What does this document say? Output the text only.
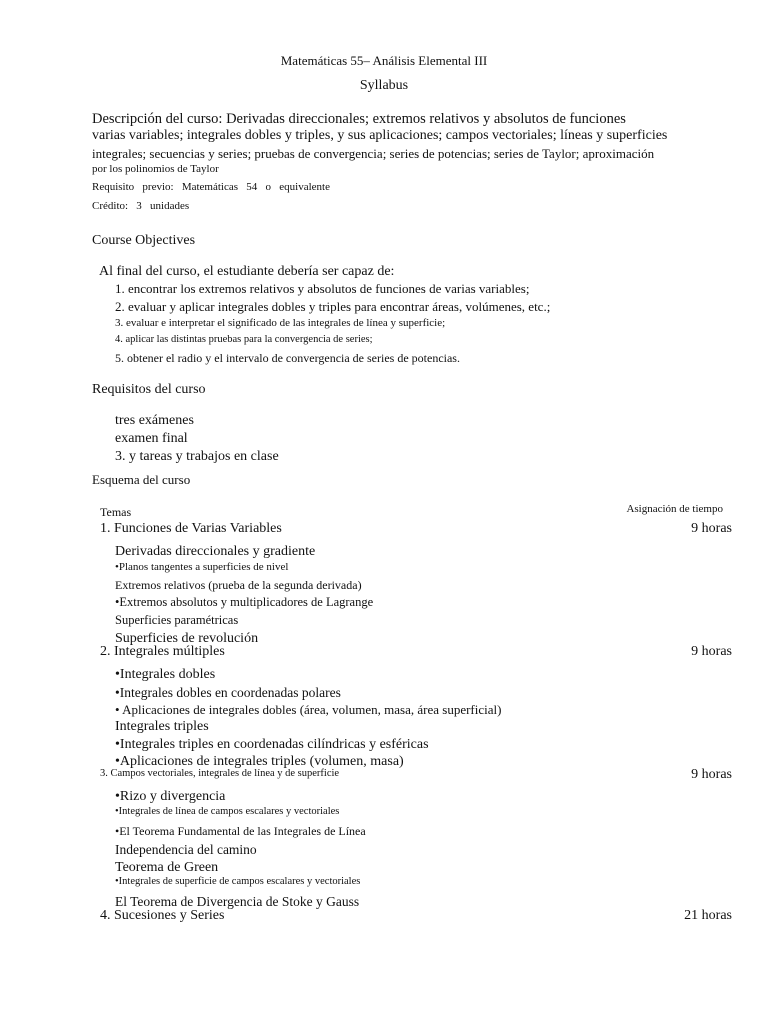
Matemáticas 55– Análisis Elemental III
Syllabus
Descripción del curso: Derivadas direccionales; extremos relativos y absolutos de funciones
varias variables; integrales dobles y triples, y sus aplicaciones; campos vectoriales; líneas y superficies
integrales; secuencias y series; pruebas de convergencia; series de potencias; series de Taylor; aproximación
por los polinomios de Taylor
Requisito   previo:   Matemáticas   54   o   equivalente
Crédito:   3   unidades
Course Objectives
Al final del curso, el estudiante debería ser capaz de:
1. encontrar los extremos relativos y absolutos de funciones de varias variables;
2. evaluar y aplicar integrales dobles y triples para encontrar áreas, volúmenes, etc.;
3. evaluar e interpretar el significado de las integrales de línea y superficie;
4. aplicar las distintas pruebas para la convergencia de series;
5. obtener el radio y el intervalo de convergencia de series de potencias.
Requisitos del curso
tres exámenes
examen final
3. y tareas y trabajos en clase
Esquema del curso
Temas	Asignación de tiempo
1. Funciones de Varias Variables	9 horas
Derivadas direccionales y gradiente
•Planos tangentes a superficies de nivel
Extremos relativos (prueba de la segunda derivada)
•Extremos absolutos y multiplicadores de Lagrange
Superficies paramétricas
Superficies de revolución
2. Integrales múltiples	9 horas
•Integrales dobles
•Integrales dobles en coordenadas polares
• Aplicaciones de integrales dobles (área, volumen, masa, área superficial)
Integrales triples
•Integrales triples en coordenadas cilíndricas y esféricas
•Aplicaciones de integrales triples (volumen, masa)
3. Campos vectoriales, integrales de línea y de superficie	9 horas
•Rizo y divergencia
•Integrales de línea de campos escalares y vectoriales
•El Teorema Fundamental de las Integrales de Línea
Independencia del camino
Teorema de Green
•Integrales de superficie de campos escalares y vectoriales
El Teorema de Divergencia de Stoke y Gauss
4. Sucesiones y Series	21 horas
